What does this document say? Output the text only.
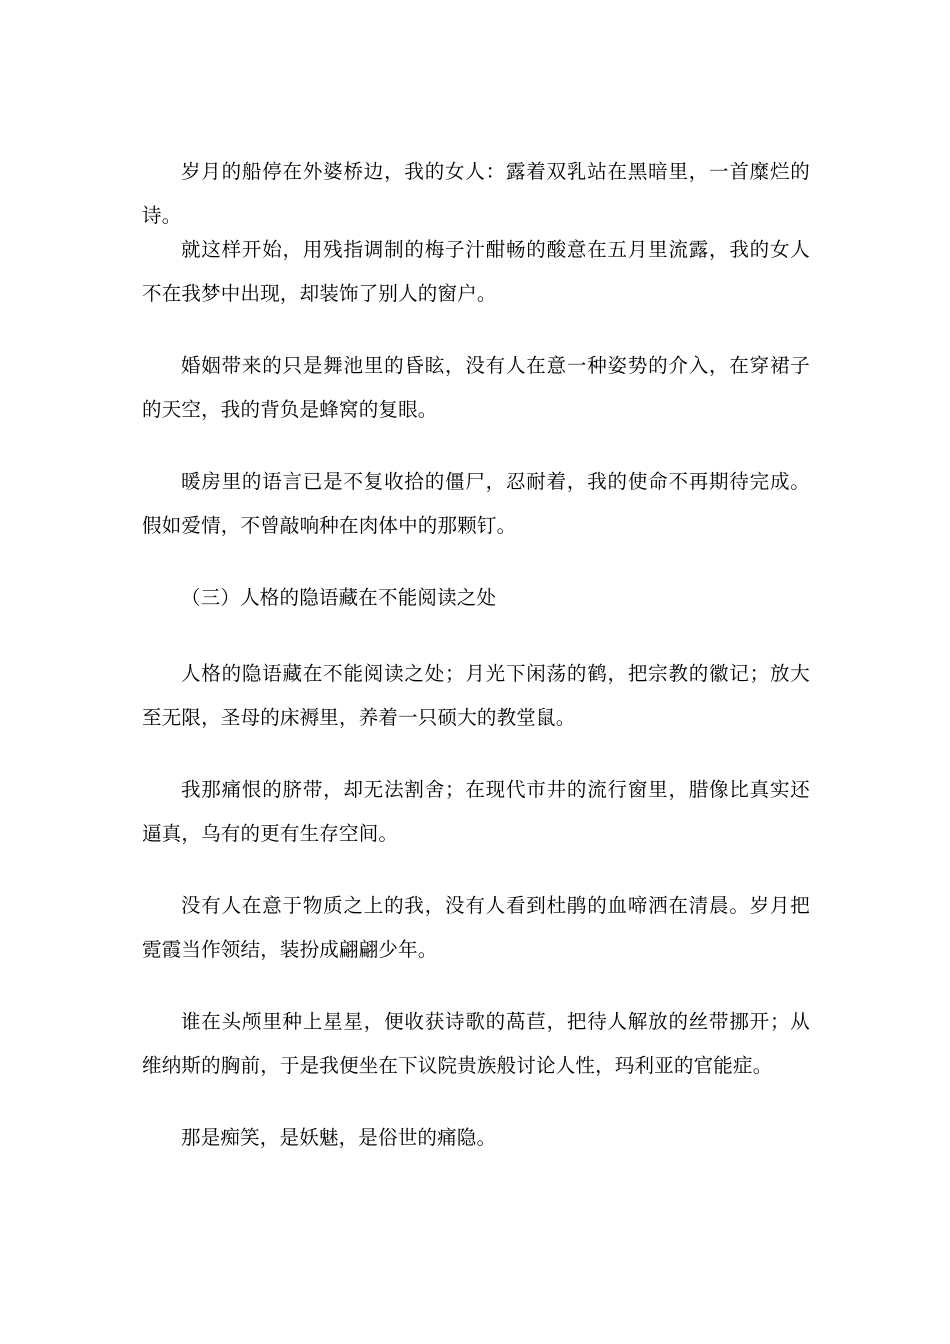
岁月的船停在外婆桥边，我的女人：露着双乳站在黑暗里，一首糜烂的诗。

就这样开始，用残指调制的梅子汁酣畅的酸意在五月里流露，我的女人不在我梦中出现，却装饰了别人的窗户。

婚姻带来的只是舞池里的昏眩，没有人在意一种姿势的介入，在穿裙子的天空，我的背负是蜂窝的复眼。

暖房里的语言已是不复收拾的僵尸，忍耐着，我的使命不再期待完成。假如爱情，不曾敲响种在肉体中的那颗钉。

（三）人格的隐语藏在不能阅读之处

人格的隐语藏在不能阅读之处；月光下闲荡的鹤，把宗教的徽记；放大至无限，圣母的床褥里，养着一只硕大的教堂鼠。

我那痛恨的脐带，却无法割舍；在现代市井的流行窗里，腊像比真实还逼真，乌有的更有生存空间。

没有人在意于物质之上的我，没有人看到杜鹃的血啼洒在清晨。岁月把霓霞当作领结，装扮成翩翩少年。

谁在头颅里种上星星，便收获诗歌的萵苣，把待人解放的丝带挪开；从维纳斯的胸前，于是我便坐在下议院贵族般讨论人性，玛利亚的官能症。

那是痴笑，是妖魅，是俗世的痛隐。
